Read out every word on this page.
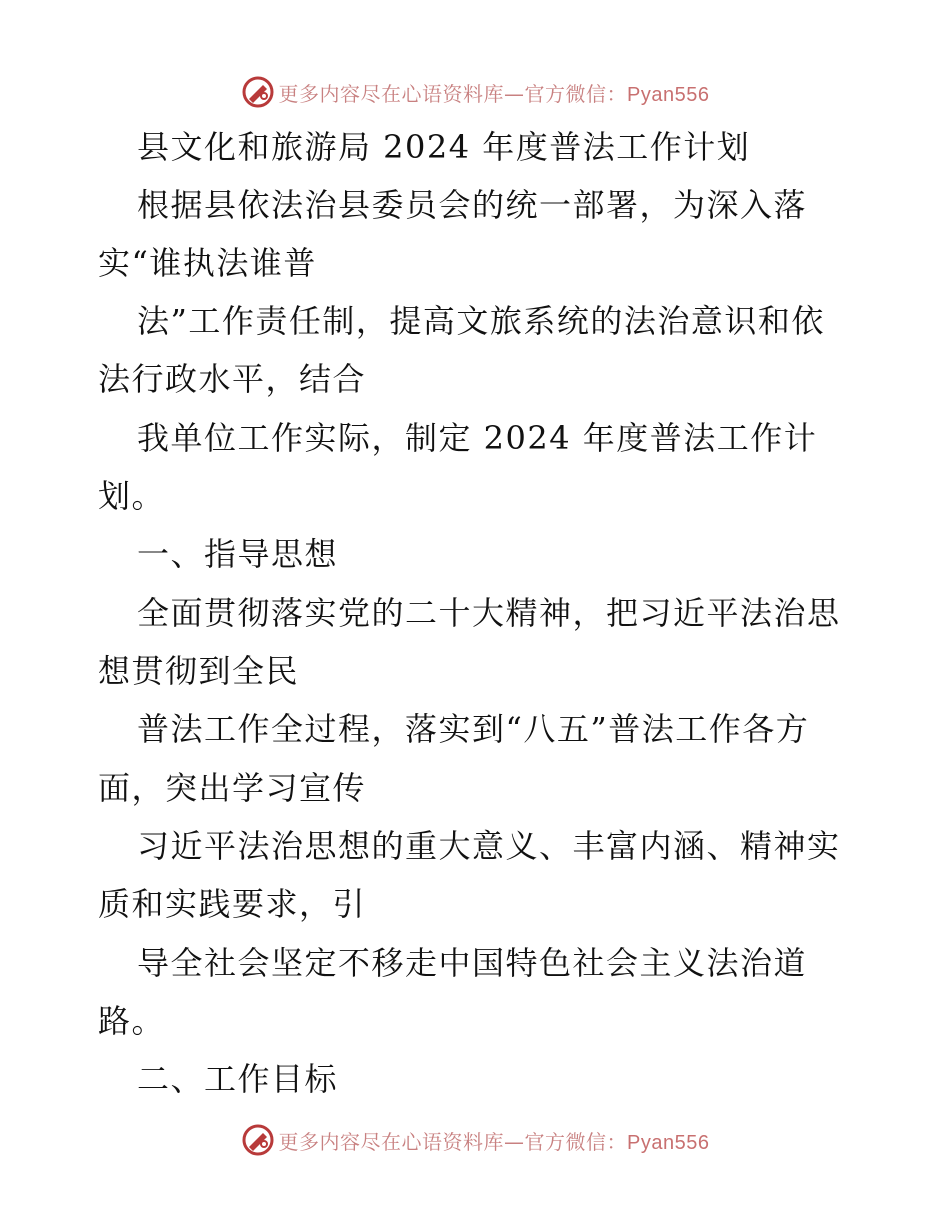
更多内容尽在心语资料库—官方微信：Pyan556
县文化和旅游局 2024 年度普法工作计划
根据县依法治县委员会的统一部署，为深入落
实“谁执法谁普
法”工作责任制，提高文旅系统的法治意识和依
法行政水平，结合
我单位工作实际，制定 2024 年度普法工作计
划。
一、指导思想
全面贯彻落实党的二十大精神，把习近平法治思
想贯彻到全民
普法工作全过程，落实到“八五”普法工作各方
面，突出学习宣传
习近平法治思想的重大意义、丰富内涵、精神实
质和实践要求，引
导全社会坚定不移走中国特色社会主义法治道
路。
二、工作目标
更多内容尽在心语资料库—官方微信：Pyan556
